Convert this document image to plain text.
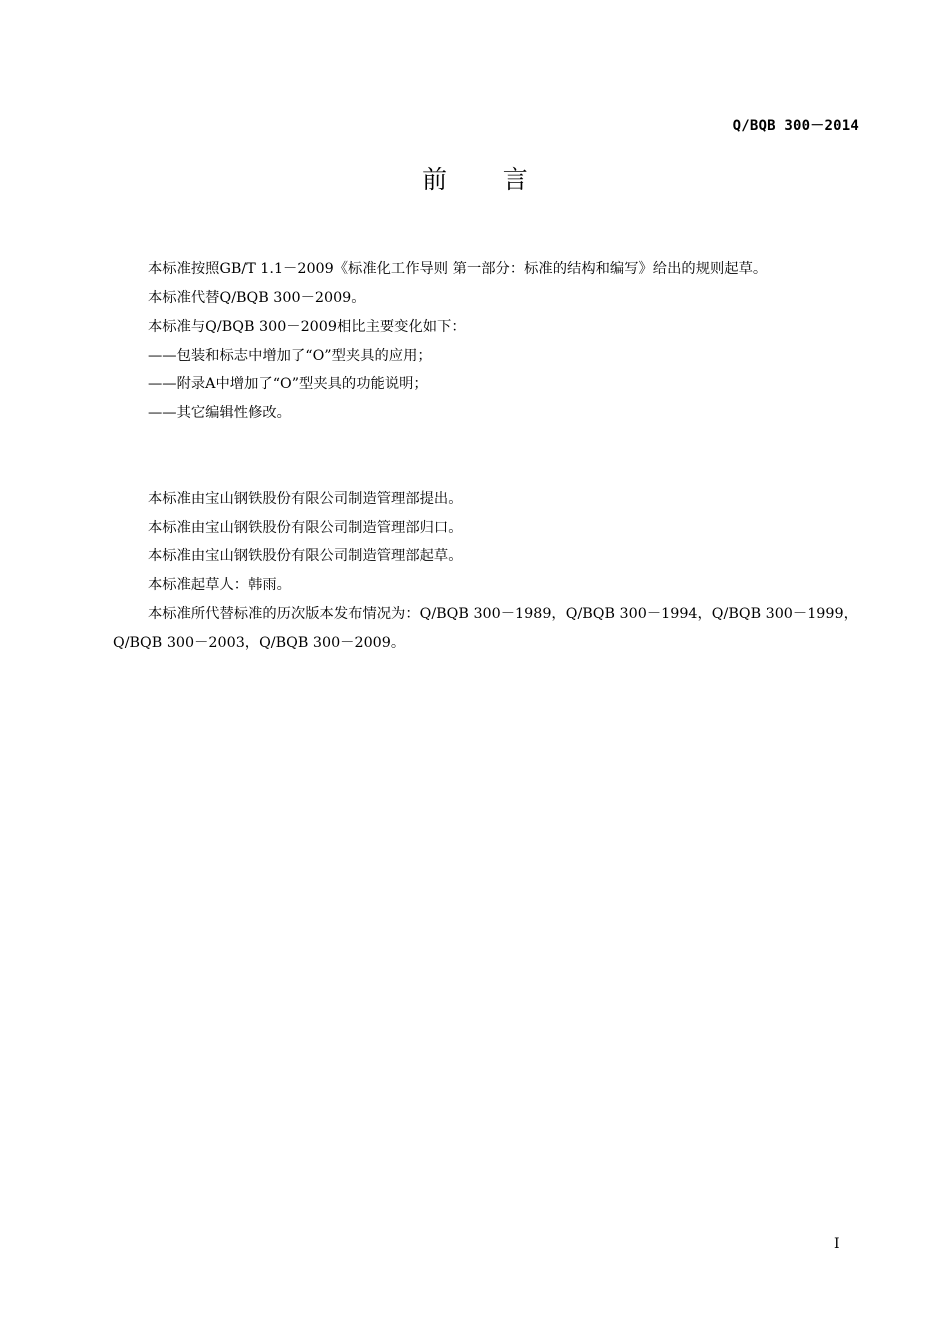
Q/BQB 300－2014
前       言
本标准按照GB/T 1.1－2009《标准化工作导则 第一部分：标准的结构和编写》给出的规则起草。
本标准代替Q/BQB 300－2009。
本标准与Q/BQB 300－2009相比主要变化如下：
——包装和标志中增加了“O”型夹具的应用；
——附录A中增加了“O”型夹具的功能说明；
——其它编辑性修改。
本标准由宝山钢铁股份有限公司制造管理部提出。
本标准由宝山钢铁股份有限公司制造管理部归口。
本标准由宝山钢铁股份有限公司制造管理部起草。
本标准起草人：韩雨。
本标准所代替标准的历次版本发布情况为：Q/BQB 300－1989，Q/BQB 300－1994，Q/BQB 300－1999，
Q/BQB 300－2003，Q/BQB 300－2009。
I
